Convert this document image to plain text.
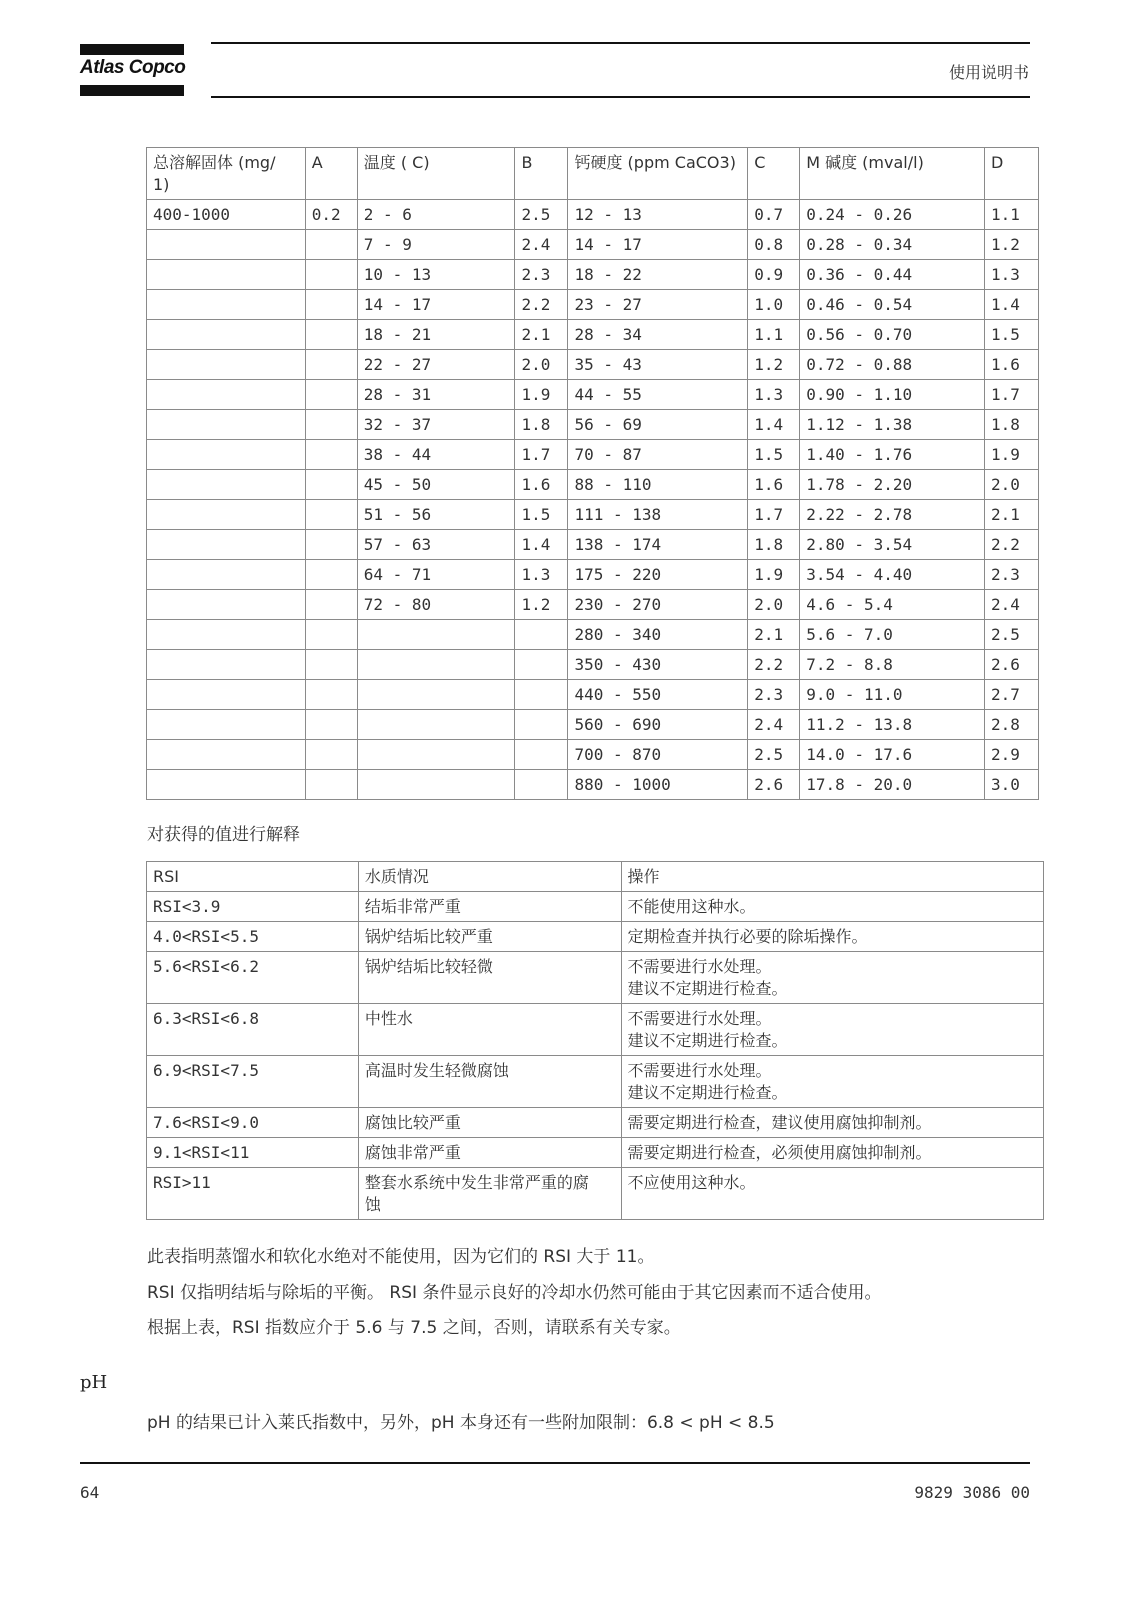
Atlas Copco	使用说明书
总溶解固体 (mg/
1)	A	温度 ( C)	B	钙硬度 (ppm CaCO3)	C	M 碱度 (mval/l)	D
400-1000	0.2	2 - 6	2.5	12 - 13	0.7	0.24 - 0.26	1.1
		7 - 9	2.4	14 - 17	0.8	0.28 - 0.34	1.2
		10 - 13	2.3	18 - 22	0.9	0.36 - 0.44	1.3
		14 - 17	2.2	23 - 27	1.0	0.46 - 0.54	1.4
		18 - 21	2.1	28 - 34	1.1	0.56 - 0.70	1.5
		22 - 27	2.0	35 - 43	1.2	0.72 - 0.88	1.6
		28 - 31	1.9	44 - 55	1.3	0.90 - 1.10	1.7
		32 - 37	1.8	56 - 69	1.4	1.12 - 1.38	1.8
		38 - 44	1.7	70 - 87	1.5	1.40 - 1.76	1.9
		45 - 50	1.6	88 - 110	1.6	1.78 - 2.20	2.0
		51 - 56	1.5	111 - 138	1.7	2.22 - 2.78	2.1
		57 - 63	1.4	138 - 174	1.8	2.80 - 3.54	2.2
		64 - 71	1.3	175 - 220	1.9	3.54 - 4.40	2.3
		72 - 80	1.2	230 - 270	2.0	4.6 - 5.4	2.4
				280 - 340	2.1	5.6 - 7.0	2.5
				350 - 430	2.2	7.2 - 8.8	2.6
				440 - 550	2.3	9.0 - 11.0	2.7
				560 - 690	2.4	11.2 - 13.8	2.8
				700 - 870	2.5	14.0 - 17.6	2.9
				880 - 1000	2.6	17.8 - 20.0	3.0
对获得的值进行解释
RSI	水质情况	操作
RSI<3.9	结垢非常严重	不能使用这种水。
4.0<RSI<5.5	锅炉结垢比较严重	定期检查并执行必要的除垢操作。
5.6<RSI<6.2	锅炉结垢比较轻微	不需要进行水处理。
建议不定期进行检查。
6.3<RSI<6.8	中性水	不需要进行水处理。
建议不定期进行检查。
6.9<RSI<7.5	高温时发生轻微腐蚀	不需要进行水处理。
建议不定期进行检查。
7.6<RSI<9.0	腐蚀比较严重	需要定期进行检查，建议使用腐蚀抑制剂。
9.1<RSI<11	腐蚀非常严重	需要定期进行检查，必须使用腐蚀抑制剂。
RSI>11	整套水系统中发生非常严重的腐
蚀	不应使用这种水。
此表指明蒸馏水和软化水绝对不能使用，因为它们的 RSI 大于 11。
RSI 仅指明结垢与除垢的平衡。 RSI 条件显示良好的冷却水仍然可能由于其它因素而不适合使用。
根据上表，RSI 指数应介于 5.6 与 7.5 之间，否则，请联系有关专家。
pH
pH 的结果已计入莱氏指数中，另外，pH 本身还有一些附加限制：6.8 < pH < 8.5
64	9829 3086 00
